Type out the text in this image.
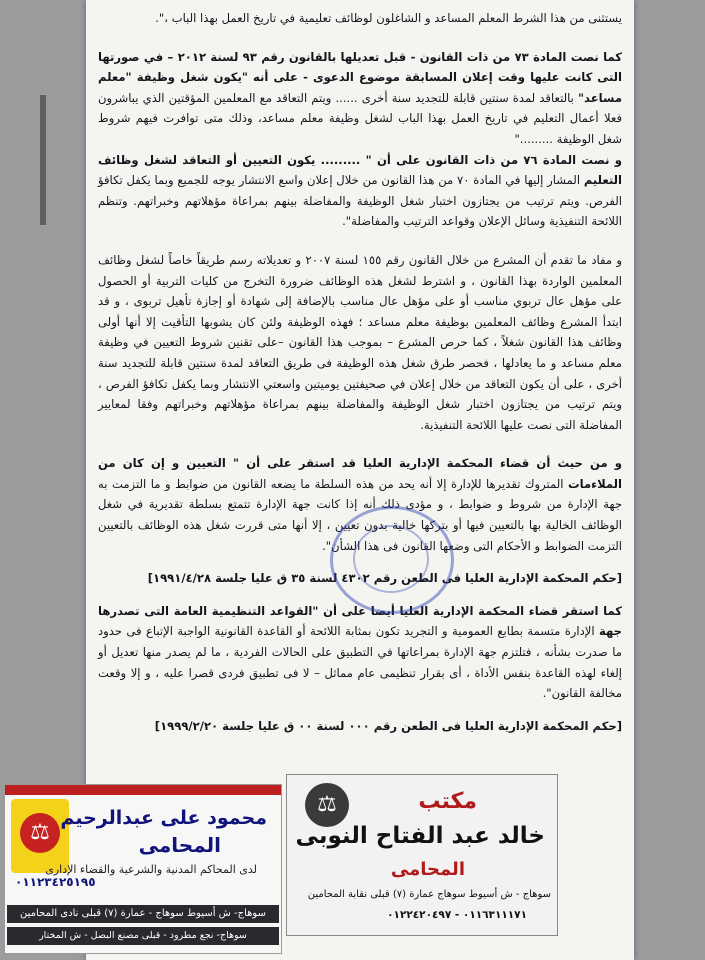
يستثنى من هذا الشرط المعلم المساعد و الشاغلون لوظائف تعليمية في تاريخ العمل بهذا الباب ،".

كما نصت المادة ٧٣ من ذات القانون - قبل تعديلها بالقانون رقم ٩٣ لسنة ٢٠١٢ – في صورتها التى كانت عليها وقت إعلان المسابقة موضوع الدعوى - على أنه "يكون شغل وظيفة "معلم مساعد" بالتعاقد لمدة سنتين قابلة للتجديد سنة أخرى ...... ويتم التعاقد مع المعلمين المؤقتين الذي يباشرون فعلا أعمال التعليم في تاريخ العمل بهذا الباب لشغل وظيفة معلم مساعد، وذلك متى توافرت فيهم شروط شغل الوظيفة ........."

و نصت المادة ٧٦ من ذات القانون على أن " ......... يكون التعيين أو التعاقد لشغل وظائف التعليم المشار إليها في المادة ٧٠ من هذا القانون من خلال إعلان واسع الانتشار يوجه للجميع وبما يكفل تكافؤ الفرص. ويتم ترتيب من يجتازون اختبار شغل الوظيفة والمفاضلة بينهم بمراعاة مؤهلاتهم وخبراتهم. وتنظم اللائحة التنفيذية وسائل الإعلان وقواعد الترتيب والمفاضلة".

و مفاد ما تقدم أن المشرع من خلال القانون رقم ١٥٥ لسنة ٢٠٠٧ و تعديلاته رسم طريقاً خاصاً لشغل وظائف المعلمين الواردة بهذا القانون ، و اشترط لشغل هذه الوظائف ضرورة التخرج من كليات التربية أو الحصول على مؤهل عال تربوي مناسب أو على مؤهل عال مناسب بالإضافة إلى شهادة أو إجازة تأهيل تربوى ، و قد ابتدأ المشرع وظائف المعلمين بوظيفة معلم مساعد ؛ فهذه الوظيفة ولئن كان يشوبها التأقيت إلا أنها أولى وظائف هذا القانون شغلاً ، كما حرص المشرع – بموجب هذا القانون –على تقنين شروط التعيين في وظيفة معلم مساعد و ما يعادلها ، فحصر طرق شغل هذه الوظيفة فى طريق التعاقد لمدة سنتين قابلة للتجديد سنة أخرى ، على أن يكون التعاقد من خلال إعلان في صحيفتين يوميتين واسعتي الانتشار وبما يكفل تكافؤ الفرص ، ويتم ترتيب من يجتازون اختبار شغل الوظيفة والمفاضلة بينهم بمراعاة مؤهلاتهم وخبراتهم وفقا لمعايير المفاضلة التى نصت عليها اللائحة التنفيذية.

و من حيث أن قضاء المحكمة الإدارية العليا قد استقر على أن " التعيين و إن كان من الملاءمات المتروك تقديرها للإدارة إلا أنه يحد من هذه السلطة ما يضعه القانون من ضوابط و ما التزمت به جهة الإدارة من شروط و ضوابط ، و مؤدى ذلك أنه إذا كانت جهة الإدارة تتمتع بسلطة تقديرية في شغل الوظائف الخالية بها بالتعيين فيها أو بتركها خالية بدون تعيين ، إلا أنها متى قررت شغل هذه الوظائف بالتعيين التزمت الضوابط و الأحكام التى وضعها القانون فى هذا الشأن".

[حكم المحكمة الإدارية العليا فى الطعن رقم ٤٣٠٢ لسنة ٣٥ ق عليا جلسة ١٩٩١/٤/٢٨]

كما استقر قضاء المحكمة الإدارية العليا أيضا على أن "القواعد التنظيمية العامة التى تصدرها جهة الإدارة متسمة بطابع العمومية و التجريد تكون بمثابة اللائحة أو القاعدة القانونية الواجبة الإتباع فى حدود ما صدرت بشأنه ، فتلتزم جهة الإدارة بمراعاتها في التطبيق على الحالات الفردية ، ما لم يصدر منها تعديل أو إلغاء لهذه القاعدة بنفس الأداة ، أى بقرار تنظيمى عام مماثل – لا فى تطبيق فردى قصرا عليه ، و إلا وقعت مخالفة القانون".

[حكم المحكمة الإدارية العليا فى الطعن رقم ٠٠٠ لسنة ٠٠ ق عليا جلسة ١٩٩٩/٢/٢٠]

⚖
محمود على عبدالرحيم
المحامى
لدى المحاكم المدنية والشرعية والقضاء الإدارى
٠١١٢٣٤٢٥١٩٥
سوهاج- ش أسيوط سوهاج - عمارة (٧) قبلى نادى المحامين
سوهاج- نجع مطرود - قبلى مصنع البصل - ش المختار
⚖	مكتب
خالد عبد الفتاح النوبى
المحامى
سوهاج - ش أسيوط سوهاج عمارة (٧) قبلى نقابة المحامين
٠١١٦٣١١١٧١ - ٠١٢٢٤٢٠٤٩٧
